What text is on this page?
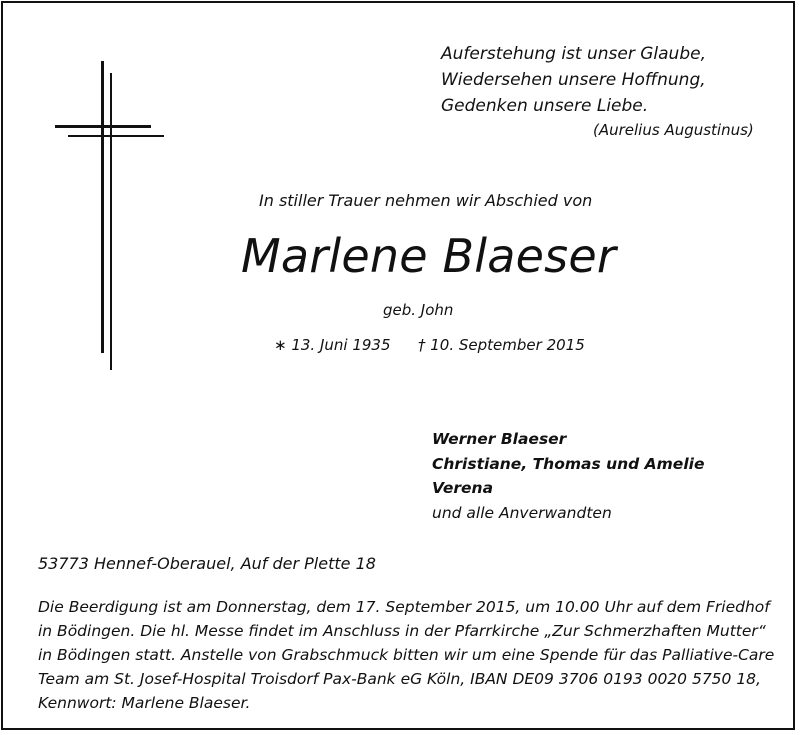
Auferstehung ist unser Glaube,
Wiedersehen unsere Hoffnung,
Gedenken unsere Liebe.
(Aurelius Augustinus)
In stiller Trauer nehmen wir Abschied von
Marlene Blaeser
geb. John
∗ 13. Juni 1935 † 10. September 2015
Werner Blaeser
Christiane, Thomas und Amelie
Verena
und alle Anverwandten
53773 Hennef-Oberauel, Auf der Plette 18
Die Beerdigung ist am Donnerstag, dem 17. September 2015, um 10.00 Uhr auf dem Friedhof
in Bödingen. Die hl. Messe findet im Anschluss in der Pfarrkirche „Zur Schmerzhaften Mutter“
in Bödingen statt. Anstelle von Grabschmuck bitten wir um eine Spende für das Palliative-Care
Team am St. Josef-Hospital Troisdorf Pax-Bank eG Köln, IBAN DE09 3706 0193 0020 5750 18,
Kennwort: Marlene Blaeser.
